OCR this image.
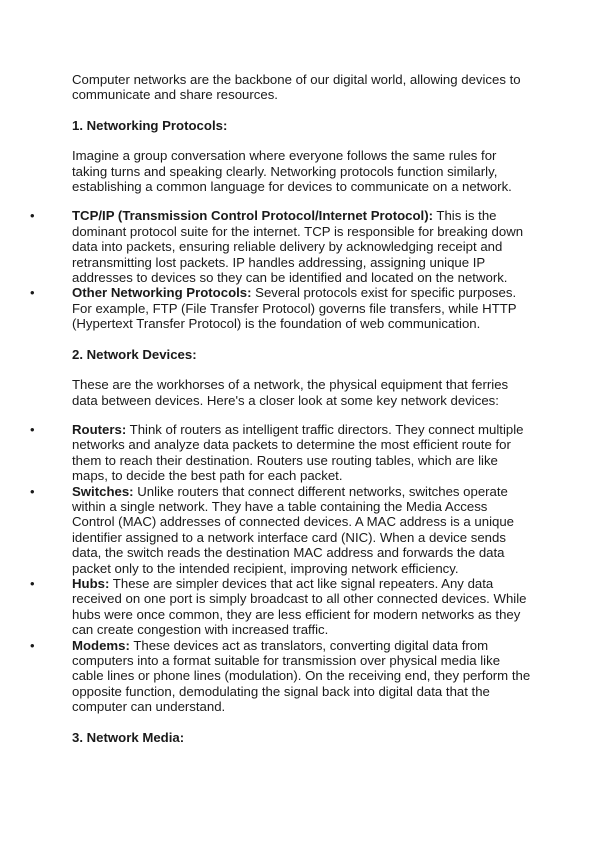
Computer networks are the backbone of our digital world, allowing devices to communicate and share resources.

1. Networking Protocols:

Imagine a group conversation where everyone follows the same rules for taking turns and speaking clearly. Networking protocols function similarly, establishing a common language for devices to communicate on a network.

•	TCP/IP (Transmission Control Protocol/Internet Protocol): This is the dominant protocol suite for the internet. TCP is responsible for breaking down data into packets, ensuring reliable delivery by acknowledging receipt and retransmitting lost packets. IP handles addressing, assigning unique IP addresses to devices so they can be identified and located on the network.
•	Other Networking Protocols: Several protocols exist for specific purposes. For example, FTP (File Transfer Protocol) governs file transfers, while HTTP (Hypertext Transfer Protocol) is the foundation of web communication.
2. Network Devices:

These are the workhorses of a network, the physical equipment that ferries data between devices. Here's a closer look at some key network devices:

•	Routers: Think of routers as intelligent traffic directors. They connect multiple networks and analyze data packets to determine the most efficient route for them to reach their destination. Routers use routing tables, which are like maps, to decide the best path for each packet.
•	Switches: Unlike routers that connect different networks, switches operate within a single network. They have a table containing the Media Access Control (MAC) addresses of connected devices. A MAC address is a unique identifier assigned to a network interface card (NIC). When a device sends data, the switch reads the destination MAC address and forwards the data packet only to the intended recipient, improving network efficiency.
•	Hubs: These are simpler devices that act like signal repeaters. Any data received on one port is simply broadcast to all other connected devices. While hubs were once common, they are less efficient for modern networks as they can create congestion with increased traffic.
•	Modems: These devices act as translators, converting digital data from computers into a format suitable for transmission over physical media like cable lines or phone lines (modulation). On the receiving end, they perform the opposite function, demodulating the signal back into digital data that the computer can understand.
3. Network Media:
